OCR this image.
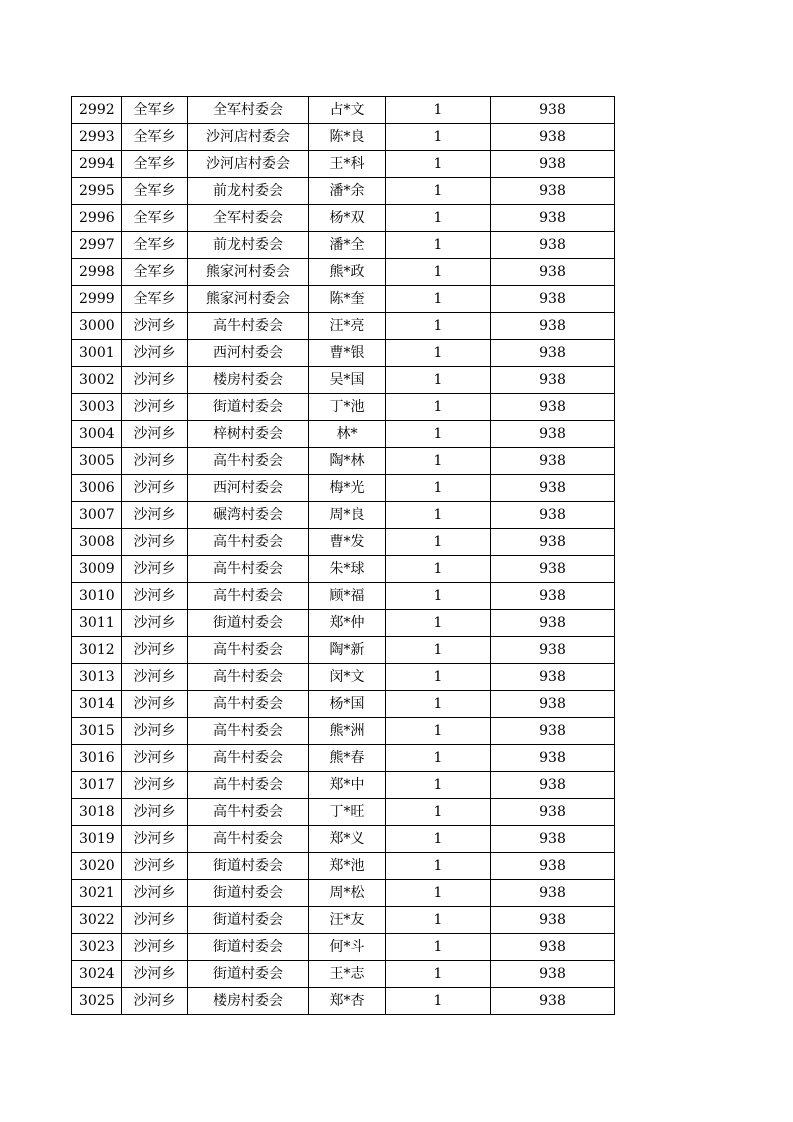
2992	全军乡	全军村委会	占*文	1	938
2993	全军乡	沙河店村委会	陈*良	1	938
2994	全军乡	沙河店村委会	王*科	1	938
2995	全军乡	前龙村委会	潘*余	1	938
2996	全军乡	全军村委会	杨*双	1	938
2997	全军乡	前龙村委会	潘*全	1	938
2998	全军乡	熊家河村委会	熊*政	1	938
2999	全军乡	熊家河村委会	陈*奎	1	938
3000	沙河乡	高牛村委会	汪*亮	1	938
3001	沙河乡	西河村委会	曹*银	1	938
3002	沙河乡	楼房村委会	吴*国	1	938
3003	沙河乡	街道村委会	丁*池	1	938
3004	沙河乡	梓树村委会	林*	1	938
3005	沙河乡	高牛村委会	陶*林	1	938
3006	沙河乡	西河村委会	梅*光	1	938
3007	沙河乡	碾湾村委会	周*良	1	938
3008	沙河乡	高牛村委会	曹*发	1	938
3009	沙河乡	高牛村委会	朱*球	1	938
3010	沙河乡	高牛村委会	顾*福	1	938
3011	沙河乡	街道村委会	郑*仲	1	938
3012	沙河乡	高牛村委会	陶*新	1	938
3013	沙河乡	高牛村委会	闵*文	1	938
3014	沙河乡	高牛村委会	杨*国	1	938
3015	沙河乡	高牛村委会	熊*洲	1	938
3016	沙河乡	高牛村委会	熊*春	1	938
3017	沙河乡	高牛村委会	郑*中	1	938
3018	沙河乡	高牛村委会	丁*旺	1	938
3019	沙河乡	高牛村委会	郑*义	1	938
3020	沙河乡	街道村委会	郑*池	1	938
3021	沙河乡	街道村委会	周*松	1	938
3022	沙河乡	街道村委会	汪*友	1	938
3023	沙河乡	街道村委会	何*斗	1	938
3024	沙河乡	街道村委会	王*志	1	938
3025	沙河乡	楼房村委会	郑*杏	1	938
